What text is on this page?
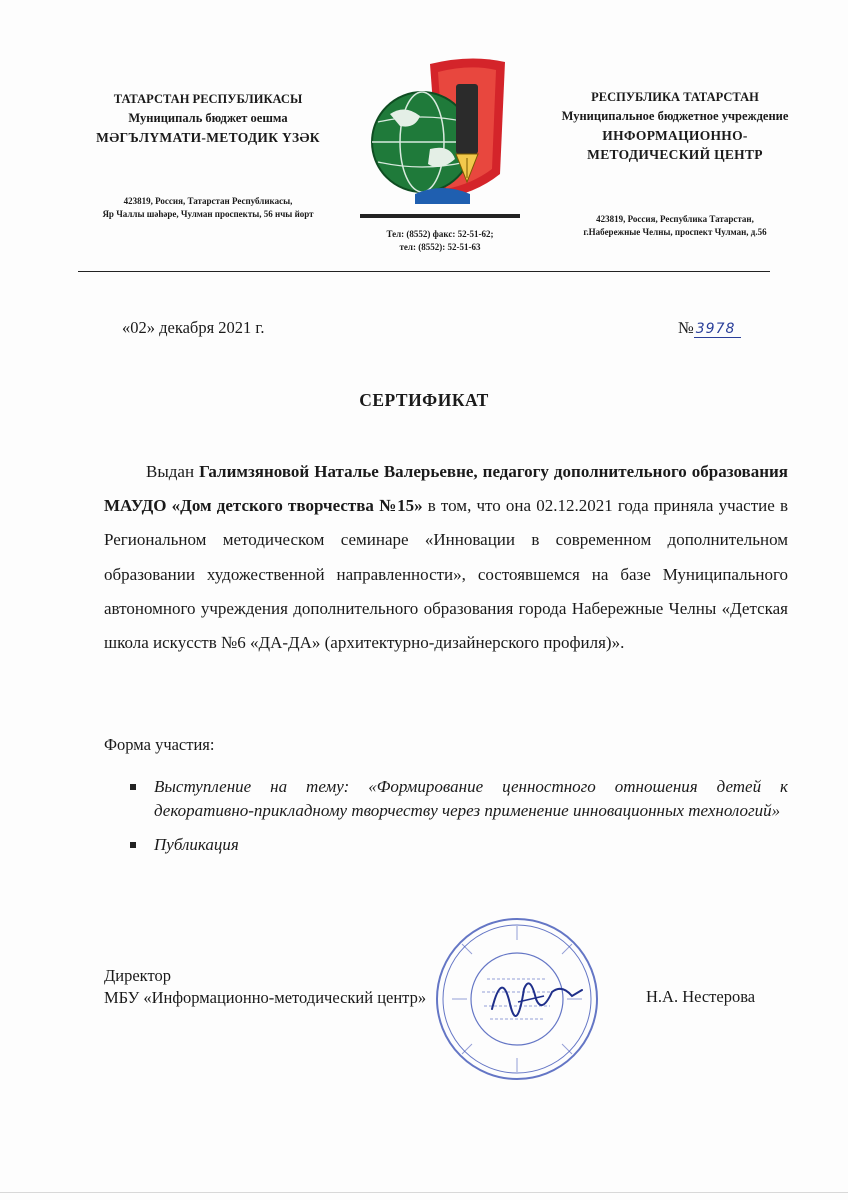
ТАТАРСТАН РЕСПУБЛИКАСЫ
Муниципаль бюджет оешма
МӘГЪЛҮМАТИ-МЕТОДИК ҮЗӘК
423819, Россия, Татарстан Республикасы,
Яр Чаллы шәһәре, Чулман проспекты, 56 нчы йорт
Тел: (8552) факс: 52-51-62;
тел: (8552): 52-51-63
РЕСПУБЛИКА ТАТАРСТАН
Муниципальное бюджетное учреждение
ИНФОРМАЦИОННО-
МЕТОДИЧЕСКИЙ ЦЕНТР
423819, Россия, Республика Татарстан,
г.Набережные Челны, проспект Чулман, д.56
«02» декабря 2021 г.	№ 3978
СЕРТИФИКАТ
Выдан Галимзяновой Наталье Валерьевне, педагогу дополнительного образования МАУДО «Дом детского творчества №15» в том, что она 02.12.2021 года приняла участие в Региональном методическом семинаре «Инновации в современном дополнительном образовании художественной направленности», состоявшемся на базе Муниципального автономного учреждения дополнительного образования города Набережные Челны «Детская школа искусств №6 «ДА-ДА» (архитектурно-дизайнерского профиля)».
Форма участия:
Выступление на тему: «Формирование ценностного отношения детей к декоративно-прикладному творчеству через применение инновационных технологий»
Публикация
Директор
МБУ «Информационно-методический центр»	Н.А. Нестерова
